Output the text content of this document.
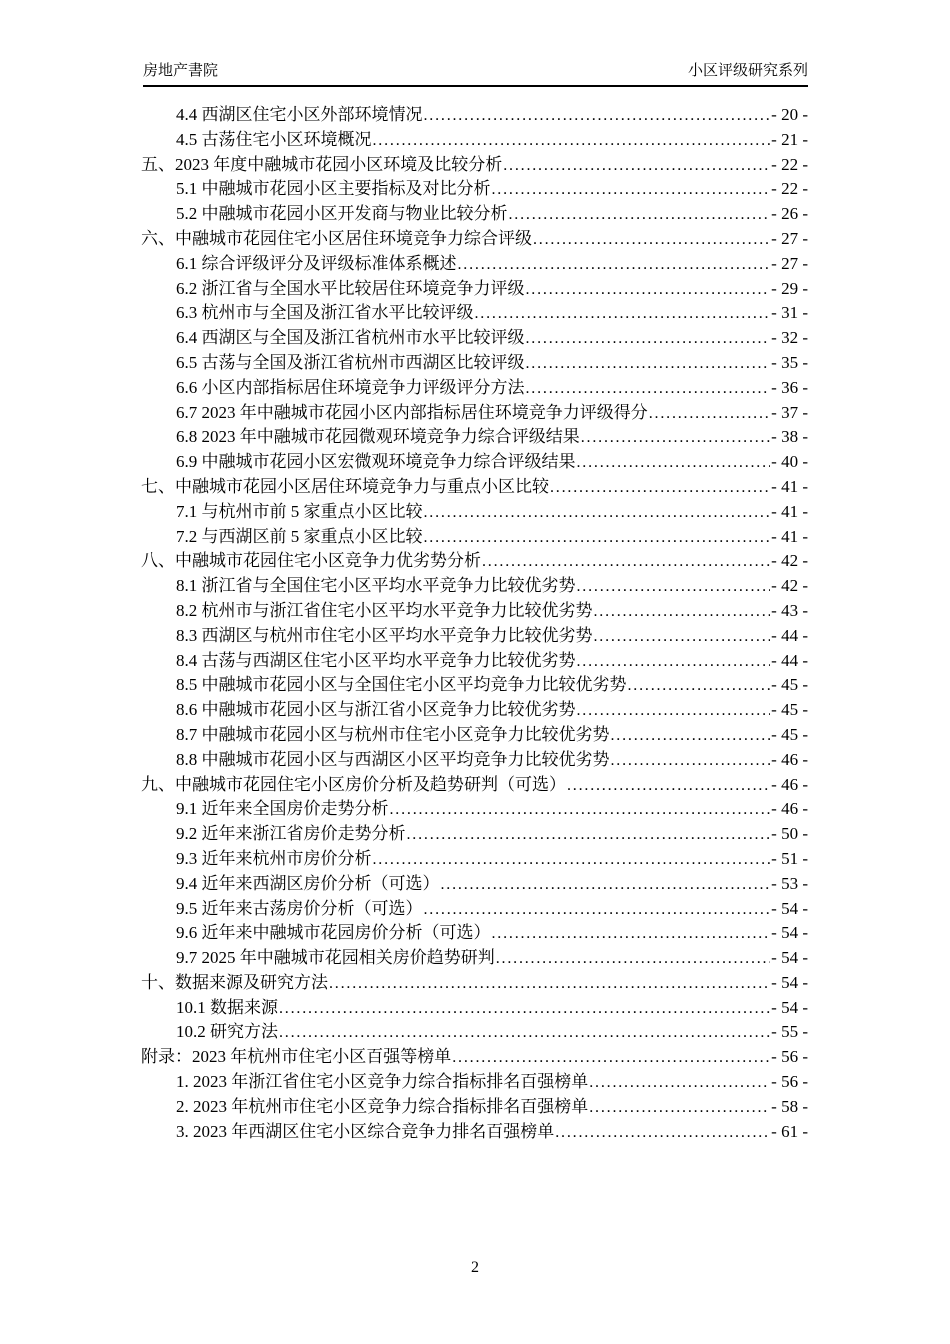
房地产書院	小区评级研究系列
4.4 西湖区住宅小区外部环境情况 .....	- 20 -
4.5 古荡住宅小区环境概况 .....	- 21 -
五、2023 年度中融城市花园小区环境及比较分析 .....	- 22 -
5.1 中融城市花园小区主要指标及对比分析 .....	- 22 -
5.2 中融城市花园小区开发商与物业比较分析 .....	- 26 -
六、中融城市花园住宅小区居住环境竞争力综合评级 .....	- 27 -
6.1 综合评级评分及评级标准体系概述 .....	- 27 -
6.2 浙江省与全国水平比较居住环境竞争力评级 .....	- 29 -
6.3 杭州市与全国及浙江省水平比较评级 .....	- 31 -
6.4 西湖区与全国及浙江省杭州市水平比较评级 .....	- 32 -
6.5 古荡与全国及浙江省杭州市西湖区比较评级 .....	- 35 -
6.6 小区内部指标居住环境竞争力评级评分方法 .....	- 36 -
6.7 2023 年中融城市花园小区内部指标居住环境竞争力评级得分 .....	- 37 -
6.8 2023 年中融城市花园微观环境竞争力综合评级结果 .....	- 38 -
6.9 中融城市花园小区宏微观环境竞争力综合评级结果 .....	- 40 -
七、中融城市花园小区居住环境竞争力与重点小区比较 .....	- 41 -
7.1 与杭州市前 5 家重点小区比较 .....	- 41 -
7.2 与西湖区前 5 家重点小区比较 .....	- 41 -
八、中融城市花园住宅小区竞争力优劣势分析 .....	- 42 -
8.1 浙江省与全国住宅小区平均水平竞争力比较优劣势 .....	- 42 -
8.2 杭州市与浙江省住宅小区平均水平竞争力比较优劣势 .....	- 43 -
8.3 西湖区与杭州市住宅小区平均水平竞争力比较优劣势 .....	- 44 -
8.4 古荡与西湖区住宅小区平均水平竞争力比较优劣势 .....	- 44 -
8.5 中融城市花园小区与全国住宅小区平均竞争力比较优劣势 .....	- 45 -
8.6 中融城市花园小区与浙江省小区竞争力比较优劣势 .....	- 45 -
8.7 中融城市花园小区与杭州市住宅小区竞争力比较优劣势 .....	- 45 -
8.8 中融城市花园小区与西湖区小区平均竞争力比较优劣势 .....	- 46 -
九、中融城市花园住宅小区房价分析及趋势研判（可选） .....	- 46 -
9.1 近年来全国房价走势分析 .....	- 46 -
9.2 近年来浙江省房价走势分析 .....	- 50 -
9.3 近年来杭州市房价分析 .....	- 51 -
9.4 近年来西湖区房价分析（可选） .....	- 53 -
9.5 近年来古荡房价分析（可选） .....	- 54 -
9.6 近年来中融城市花园房价分析（可选） .....	- 54 -
9.7 2025 年中融城市花园相关房价趋势研判 .....	- 54 -
十、数据来源及研究方法 .....	- 54 -
10.1 数据来源 .....	- 54 -
10.2 研究方法 .....	- 55 -
附录：2023 年杭州市住宅小区百强等榜单 .....	- 56 -
1. 2023 年浙江省住宅小区竞争力综合指标排名百强榜单 .....	- 56 -
2. 2023 年杭州市住宅小区竞争力综合指标排名百强榜单 .....	- 58 -
3. 2023 年西湖区住宅小区综合竞争力排名百强榜单 .....	- 61 -
2
